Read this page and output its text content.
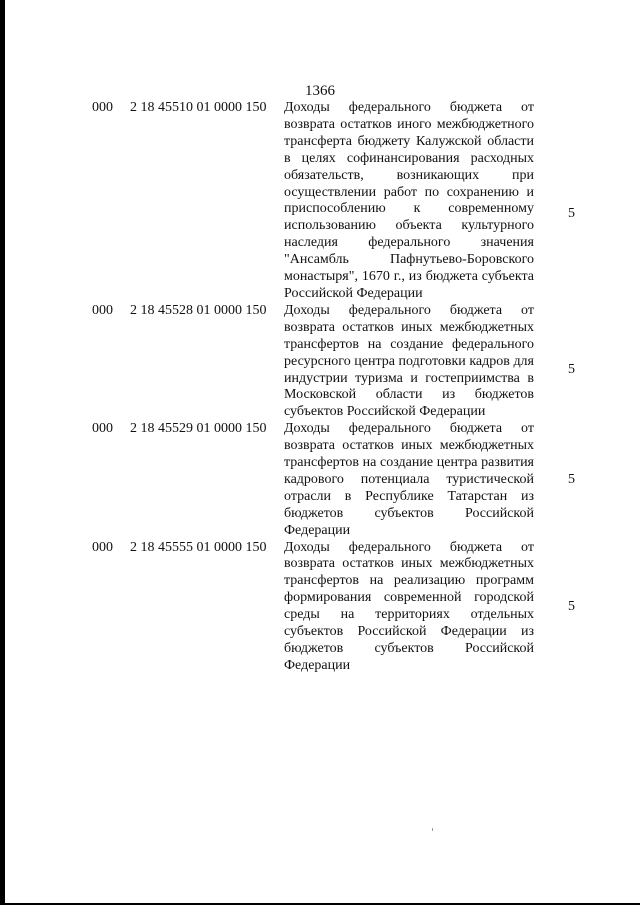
1366
000 2 18 45510 01 0000 150
5
Доходы федерального бюджета от возврата остатков иного межбюджетного трансферта бюджету Калужской области в целях софинансирования расходных обязательств, возникающих при осуществлении работ по сохранению и приспособлению к современному использованию объекта культурного наследия федерального значения "Ансамбль Пафнутьево-Боровского монастыря", 1670 г., из бюджета субъекта Российской Федерации
000 2 18 45528 01 0000 150
5
Доходы федерального бюджета от возврата остатков иных межбюджетных трансфертов на создание федерального ресурсного центра подготовки кадров для индустрии туризма и гостеприимства в Московской области из бюджетов субъектов Российской Федерации
000 2 18 45529 01 0000 150
5
Доходы федерального бюджета от возврата остатков иных межбюджетных трансфертов на создание центра развития кадрового потенциала туристической отрасли в Республике Татарстан из бюджетов субъектов Российской Федерации
000 2 18 45555 01 0000 150
5
Доходы федерального бюджета от возврата остатков иных межбюджетных трансфертов на реализацию программ формирования современной городской среды на территориях отдельных субъектов Российской Федерации из бюджетов субъектов Российской Федерации
